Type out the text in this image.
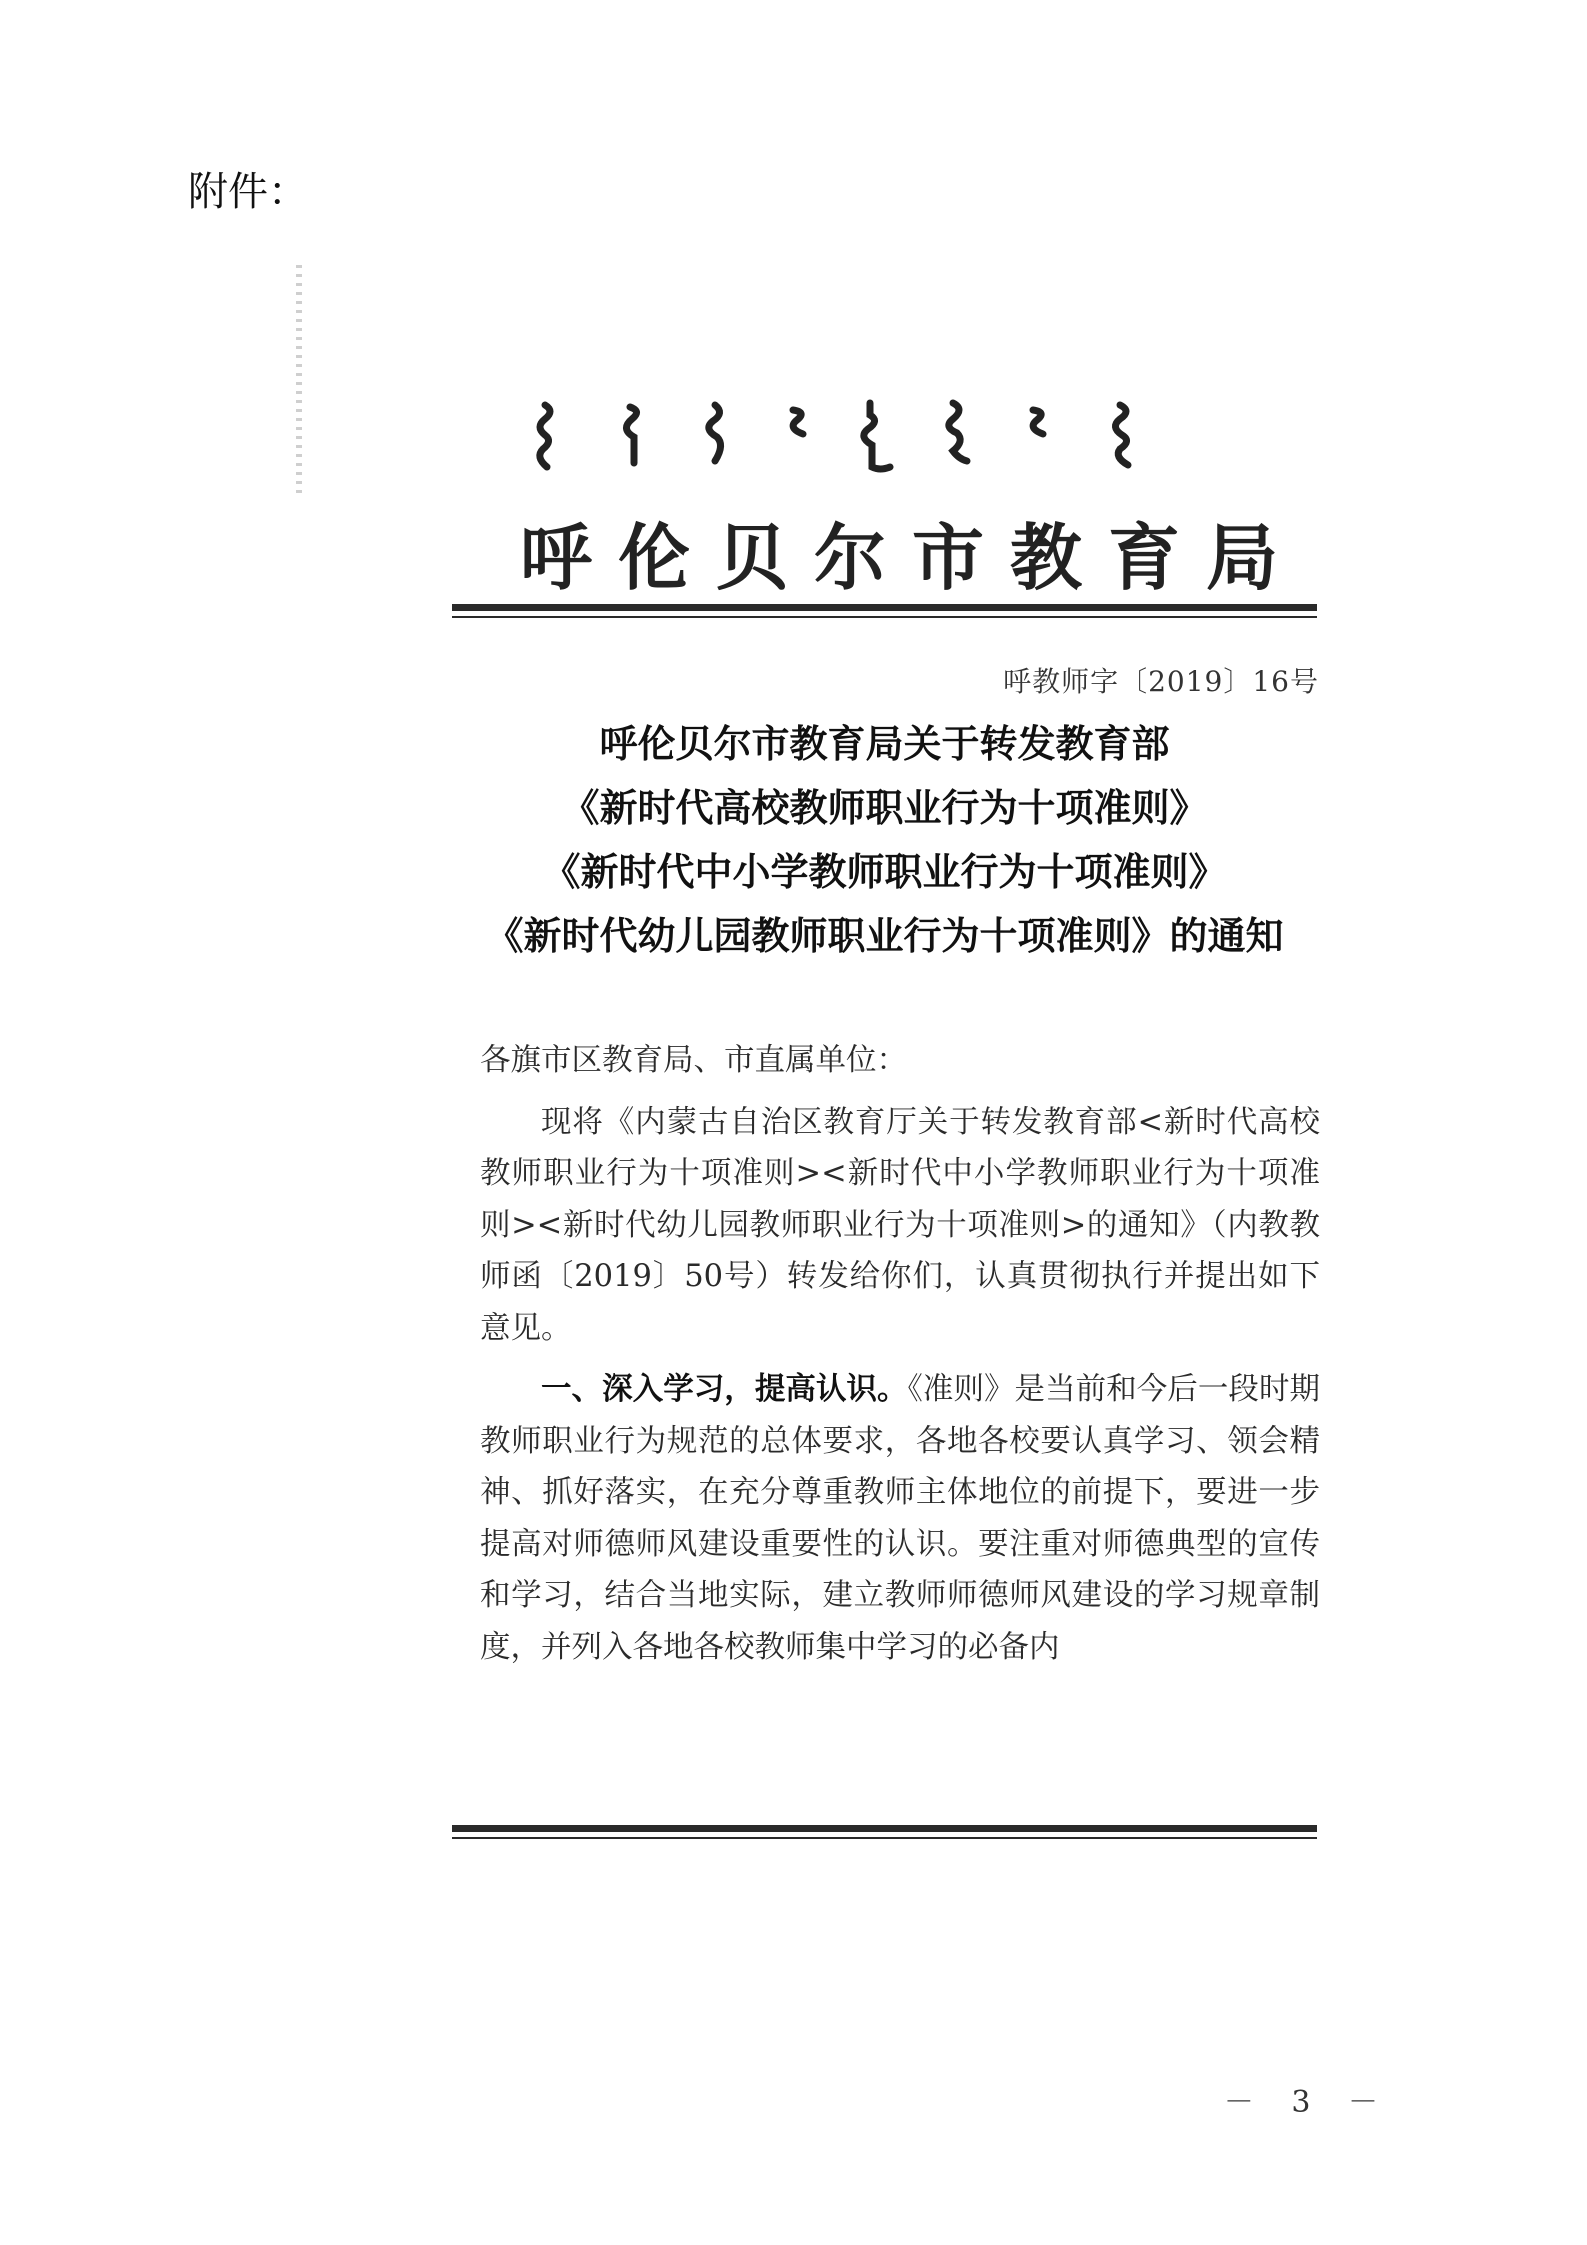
附件：
呼伦贝尔市教育局
呼教师字〔2019〕16号
呼伦贝尔市教育局关于转发教育部
《新时代高校教师职业行为十项准则》
《新时代中小学教师职业行为十项准则》
《新时代幼儿园教师职业行为十项准则》的通知

各旗市区教育局、市直属单位：

现将《内蒙古自治区教育厅关于转发教育部<新时代高校教师职业行为十项准则><新时代中小学教师职业行为十项准则><新时代幼儿园教师职业行为十项准则>的通知》（内教教师函〔2019〕50号）转发给你们，认真贯彻执行并提出如下意见。

一、深入学习，提高认识。《准则》是当前和今后一段时期教师职业行为规范的总体要求，各地各校要认真学习、领会精神、抓好落实，在充分尊重教师主体地位的前提下，要进一步提高对师德师风建设重要性的认识。要注重对师德典型的宣传和学习，结合当地实际，建立教师师德师风建设的学习规章制度，并列入各地各校教师集中学习的必备内

－ 3 －
